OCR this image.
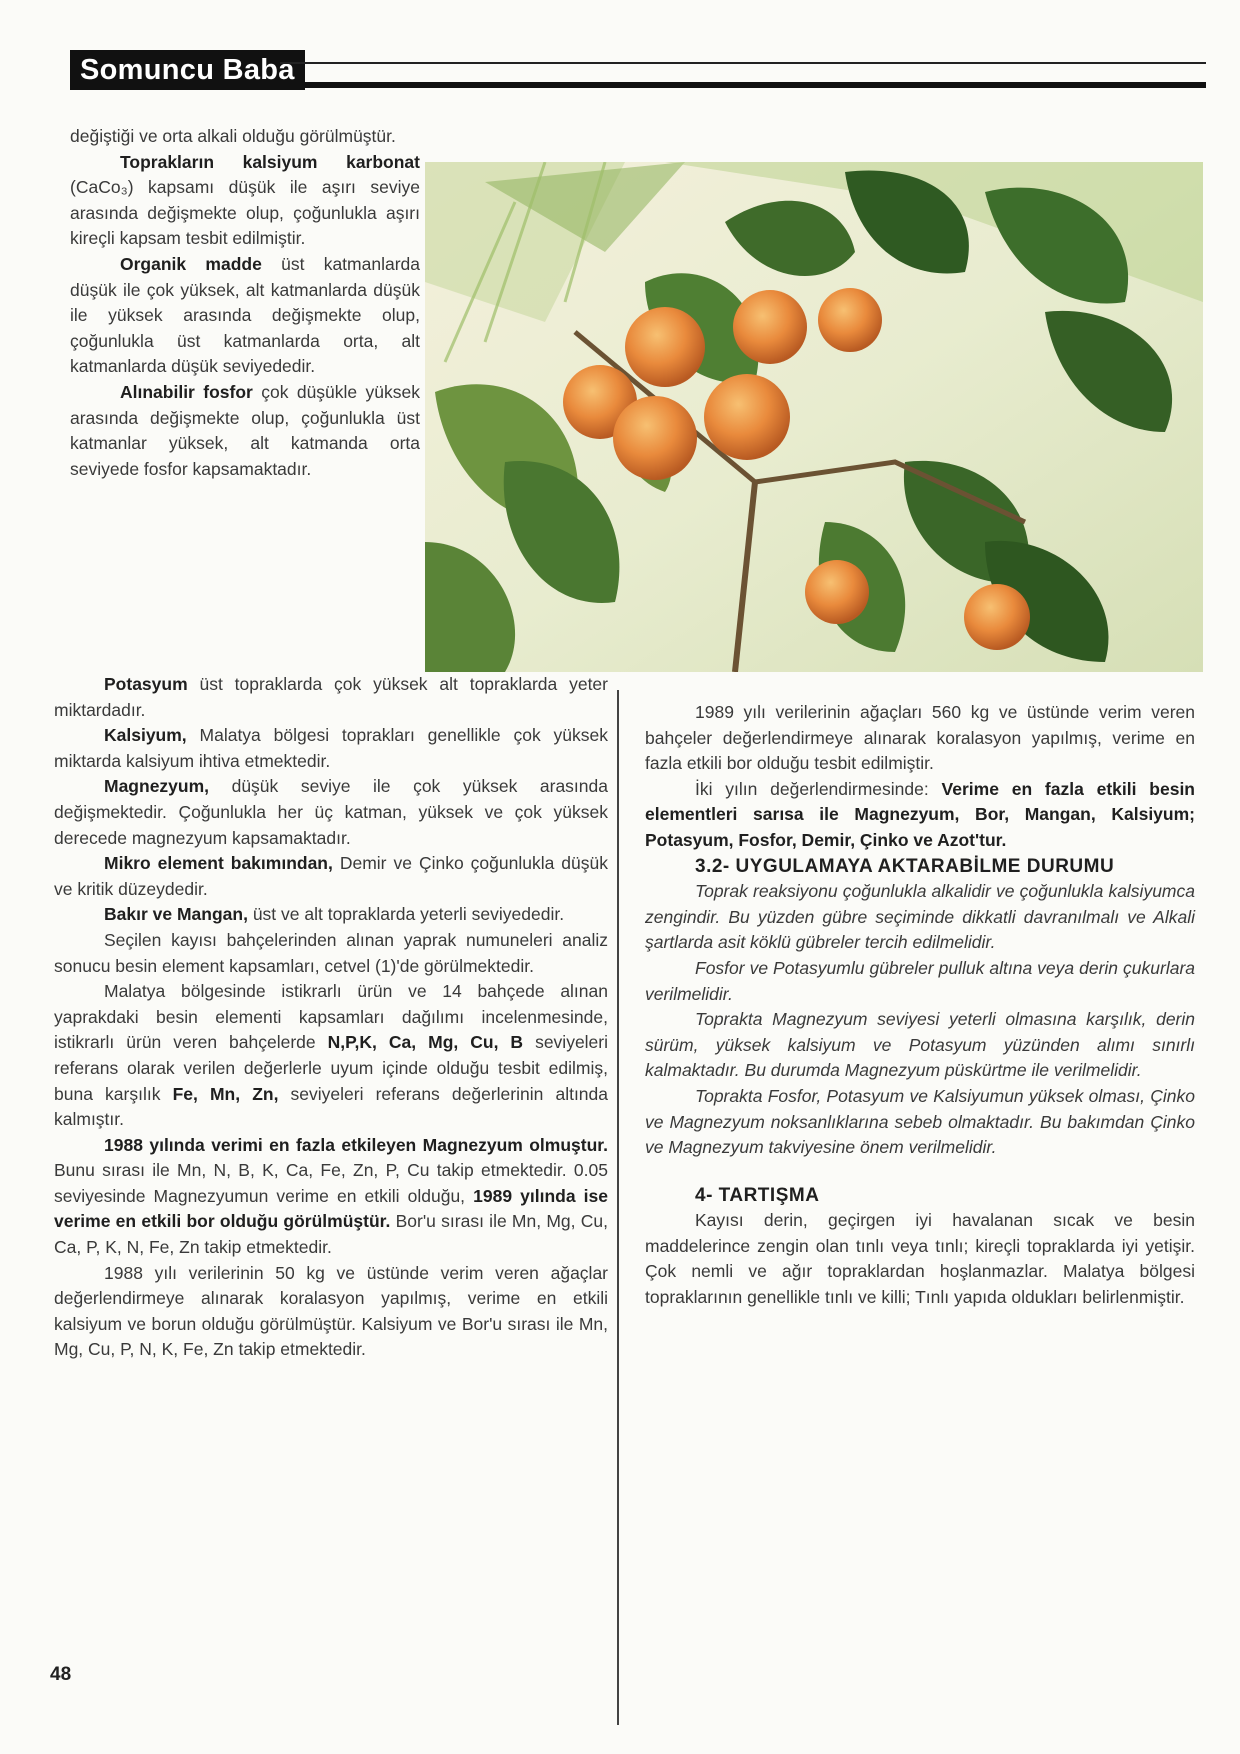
Somuncu Baba

değiştiği ve orta alkali olduğu görülmüştür.

Toprakların kalsiyum karbonat (CaCo₃) kapsamı düşük ile aşırı seviye arasında değişmekte olup, çoğunlukla aşırı kireçli kapsam tesbit edilmiştir.

Organik madde üst katmanlarda düşük ile çok yüksek, alt katmanlarda düşük ile yüksek arasında değişmekte olup, çoğunlukla üst katmanlarda orta, alt katmanlarda düşük seviyededir.

Alınabilir fosfor çok düşükle yüksek arasında değişmekte olup, çoğunlukla üst katmanlar yüksek, alt katmanda orta seviyede fosfor kapsamaktadır.

Potasyum üst topraklarda çok yüksek alt topraklarda yeter miktardadır.

Kalsiyum, Malatya bölgesi toprakları genellikle çok yüksek miktarda kalsiyum ihtiva etmektedir.

Magnezyum, düşük seviye ile çok yüksek arasında değişmektedir. Çoğunlukla her üç katman, yüksek ve çok yüksek derecede magnezyum kapsamaktadır.

Mikro element bakımından, Demir ve Çinko çoğunlukla düşük ve kritik düzeydedir.

Bakır ve Mangan, üst ve alt topraklarda yeterli seviyededir.

Seçilen kayısı bahçelerinden alınan yaprak numuneleri analiz sonucu besin element kapsamları, cetvel (1)'de görülmektedir.

Malatya bölgesinde istikrarlı ürün ve 14 bahçede alınan yaprakdaki besin elementi kapsamları dağılımı incelenmesinde, istikrarlı ürün veren bahçelerde N,P,K, Ca, Mg, Cu, B seviyeleri referans olarak verilen değerlerle uyum içinde olduğu tesbit edilmiş, buna karşılık Fe, Mn, Zn, seviyeleri referans değerlerinin altında kalmıştır.

1988 yılında verimi en fazla etkileyen Magnezyum olmuştur. Bunu sırası ile Mn, N, B, K, Ca, Fe, Zn, P, Cu takip etmektedir. 0.05 seviyesinde Magnezyumun verime en etkili olduğu, 1989 yılında ise verime en etkili bor olduğu görülmüştür. Bor'u sırası ile Mn, Mg, Cu, Ca, P, K, N, Fe, Zn takip etmektedir.

1988 yılı verilerinin 50 kg ve üstünde verim veren ağaçlar değerlendirmeye alınarak koralasyon yapılmış, verime en etkili kalsiyum ve borun olduğu görülmüştür. Kalsiyum ve Bor'u sırası ile Mn, Mg, Cu, P, N, K, Fe, Zn takip etmektedir.

1989 yılı verilerinin ağaçları 560 kg ve üstünde verim veren bahçeler değerlendirmeye alınarak koralasyon yapılmış, verime en fazla etkili bor olduğu tesbit edilmiştir.

İki yılın değerlendirmesinde: Verime en fazla etkili besin elementleri sarısa ile Magnezyum, Bor, Mangan, Kalsiyum; Potasyum, Fosfor, Demir, Çinko ve Azot'tur.

3.2- UYGULAMAYA AKTARABİLME DURUMU

Toprak reaksiyonu çoğunlukla alkalidir ve çoğunlukla kalsiyumca zengindir. Bu yüzden gübre seçiminde dikkatli davranılmalı ve Alkali şartlarda asit köklü gübreler tercih edilmelidir.

Fosfor ve Potasyumlu gübreler pulluk altına veya derin çukurlara verilmelidir.

Toprakta Magnezyum seviyesi yeterli olmasına karşılık, derin sürüm, yüksek kalsiyum ve Potasyum yüzünden alımı sınırlı kalmaktadır. Bu durumda Magnezyum püskürtme ile verilmelidir.

Toprakta Fosfor, Potasyum ve Kalsiyumun yüksek olması, Çinko ve Magnezyum noksanlıklarına sebeb olmaktadır. Bu bakımdan Çinko ve Magnezyum takviyesine önem verilmelidir.

4- TARTIŞMA

Kayısı derin, geçirgen iyi havalanan sıcak ve besin maddelerince zengin olan tınlı veya tınlı; kireçli topraklarda iyi yetişir. Çok nemli ve ağır topraklardan hoşlanmazlar. Malatya bölgesi topraklarının genellikle tınlı ve killi; Tınlı yapıda oldukları belirlenmiştir.

48
